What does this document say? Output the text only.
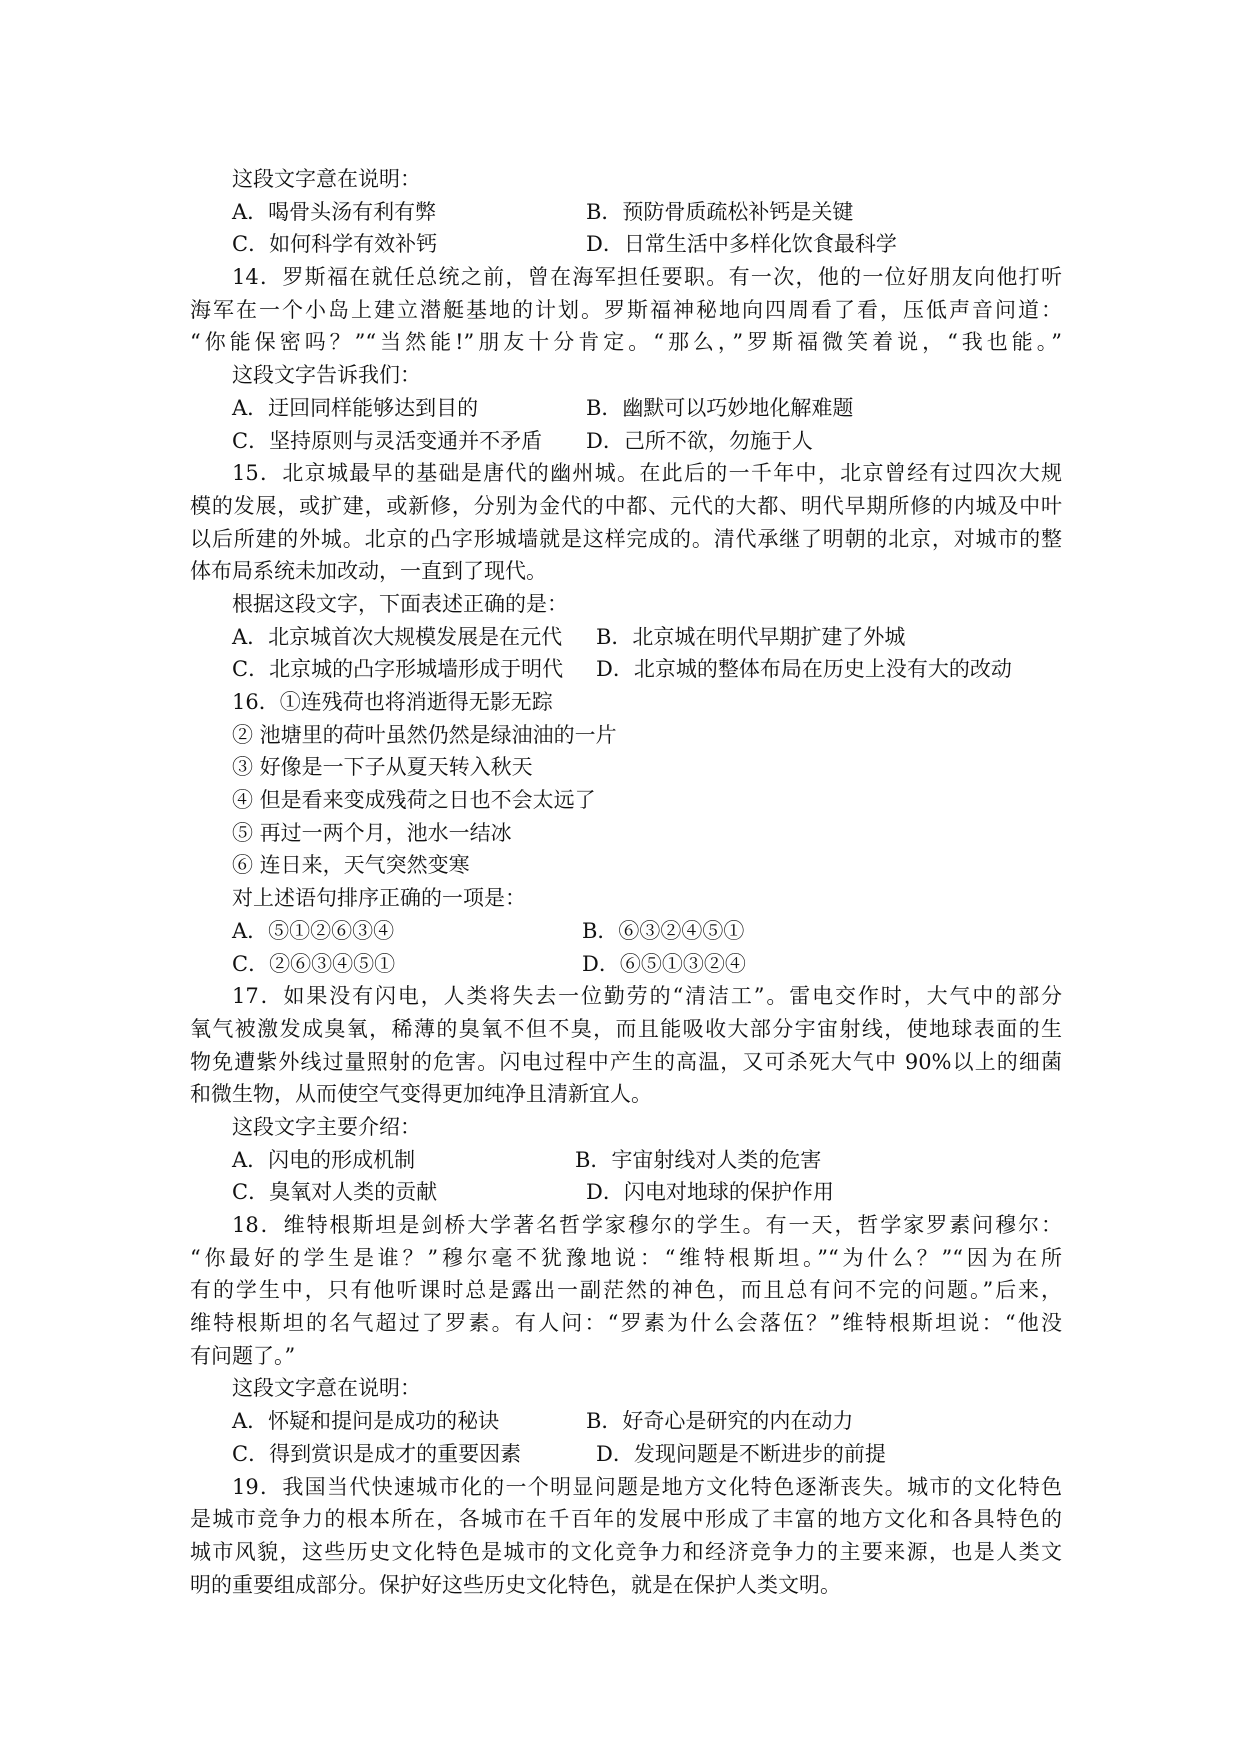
这段文字意在说明：
A．喝骨头汤有利有弊	B．预防骨质疏松补钙是关键
C．如何科学有效补钙	D．日常生活中多样化饮食最科学
14．罗斯福在就任总统之前，曾在海军担任要职。有一次，他的一位好朋友向他打听
海军在一个小岛上建立潜艇基地的计划。罗斯福神秘地向四周看了看，压低声音问道：
“你能保密吗？”“当然能!”朋友十分肯定。“那么，”罗斯福微笑着说，“我也能。”
这段文字告诉我们：
A．迂回同样能够达到目的	B．幽默可以巧妙地化解难题
C．坚持原则与灵活变通并不矛盾 D．己所不欲，勿施于人
15．北京城最早的基础是唐代的幽州城。在此后的一千年中，北京曾经有过四次大规
模的发展，或扩建，或新修，分别为金代的中都、元代的大都、明代早期所修的内城及中叶
以后所建的外城。北京的凸字形城墙就是这样完成的。清代承继了明朝的北京，对城市的整
体布局系统未加改动，一直到了现代。
根据这段文字，下面表述正确的是：
A．北京城首次大规模发展是在元代 B．北京城在明代早期扩建了外城
C．北京城的凸字形城墙形成于明代 D．北京城的整体布局在历史上没有大的改动
16．①连残荷也将消逝得无影无踪
② 池塘里的荷叶虽然仍然是绿油油的一片
③ 好像是一下子从夏天转入秋天
④ 但是看来变成残荷之日也不会太远了
⑤ 再过一两个月，池水一结冰
⑥ 连日来，天气突然变寒
对上述语句排序正确的一项是：
A．⑤①②⑥③④	B．⑥③②④⑤①
C．②⑥③④⑤①	D．⑥⑤①③②④
17．如果没有闪电，人类将失去一位勤劳的“清洁工”。雷电交作时，大气中的部分
氧气被激发成臭氧，稀薄的臭氧不但不臭，而且能吸收大部分宇宙射线，使地球表面的生
物免遭紫外线过量照射的危害。闪电过程中产生的高温，又可杀死大气中 90%以上的细菌
和微生物，从而使空气变得更加纯净且清新宜人。
这段文字主要介绍：
A．闪电的形成机制	B．宇宙射线对人类的危害
C．臭氧对人类的贡献	D．闪电对地球的保护作用
18．维特根斯坦是剑桥大学著名哲学家穆尔的学生。有一天，哲学家罗素问穆尔：
“你最好的学生是谁？”穆尔毫不犹豫地说：“维特根斯坦。”“为什么？”“因为在所
有的学生中，只有他听课时总是露出一副茫然的神色，而且总有问不完的问题。”后来，
维特根斯坦的名气超过了罗素。有人问：“罗素为什么会落伍？”维特根斯坦说：“他没
有问题了。”
这段文字意在说明：
A．怀疑和提问是成功的秘诀	B．好奇心是研究的内在动力
C．得到赏识是成才的重要因素	D．发现问题是不断进步的前提
19．我国当代快速城市化的一个明显问题是地方文化特色逐渐丧失。城市的文化特色
是城市竞争力的根本所在，各城市在千百年的发展中形成了丰富的地方文化和各具特色的
城市风貌，这些历史文化特色是城市的文化竞争力和经济竞争力的主要来源，也是人类文
明的重要组成部分。保护好这些历史文化特色，就是在保护人类文明。
